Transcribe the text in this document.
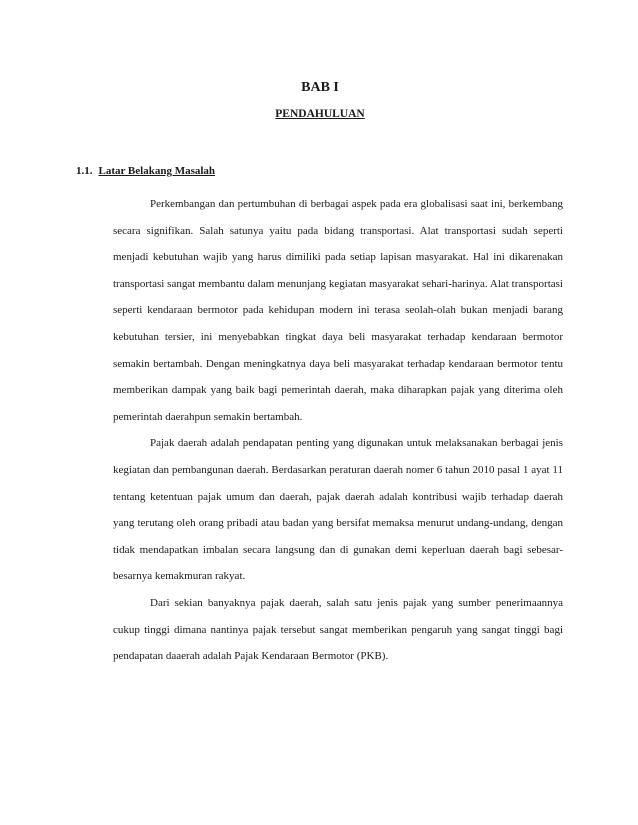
BAB I
PENDAHULUAN
1.1. Latar Belakang Masalah

Perkembangan dan pertumbuhan di berbagai aspek pada era globalisasi saat ini, berkembang secara signifikan. Salah satunya yaitu pada bidang transportasi. Alat transportasi sudah seperti menjadi kebutuhan wajib yang harus dimiliki pada setiap lapisan masyarakat. Hal ini dikarenakan transportasi sangat membantu dalam menunjang kegiatan masyarakat sehari-harinya. Alat transportasi seperti kendaraan bermotor pada kehidupan modern ini terasa seolah-olah bukan menjadi barang kebutuhan tersier, ini menyebabkan tingkat daya beli masyarakat terhadap kendaraan bermotor semakin bertambah. Dengan meningkatnya daya beli masyarakat terhadap kendaraan bermotor tentu memberikan dampak yang baik bagi pemerintah daerah, maka diharapkan pajak yang diterima oleh pemerintah daerahpun semakin bertambah.

Pajak daerah adalah pendapatan penting yang digunakan untuk melaksanakan berbagai jenis kegiatan dan pembangunan daerah. Berdasarkan peraturan daerah nomer 6 tahun 2010 pasal 1 ayat 11 tentang ketentuan pajak umum dan daerah, pajak daerah adalah kontribusi wajib terhadap daerah yang terutang oleh orang pribadi atau badan yang bersifat memaksa menurut undang-undang, dengan tidak mendapatkan imbalan secara langsung dan di gunakan demi keperluan daerah bagi sebesar-besarnya kemakmuran rakyat.

Dari sekian banyaknya pajak daerah, salah satu jenis pajak yang sumber penerimaannya cukup tinggi dimana nantinya pajak tersebut sangat memberikan pengaruh yang sangat tinggi bagi pendapatan daaerah adalah Pajak Kendaraan Bermotor (PKB).
